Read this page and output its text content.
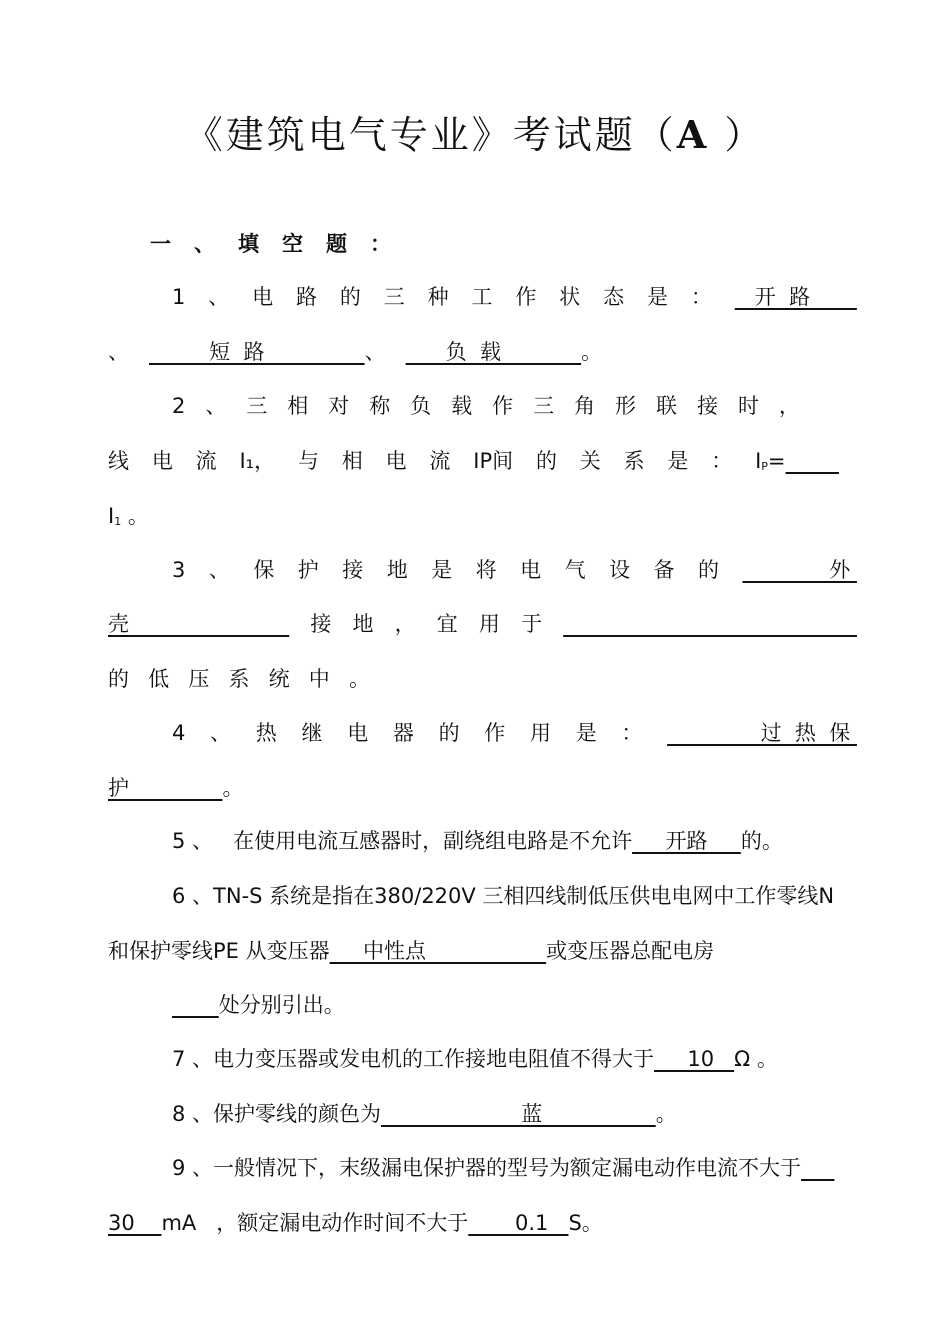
《建筑电气专业》考试题（A ）
一、填空题：
1 、 电 路 的 三 种 工 作 状 态 是 ： 开  路
、            短  路               、         负  载            。
2 、 三 相 对 称 负 载 作 三 角 形 联 接 时 ，
线 电 流 I₁， 与 相 电 流 IP间 的 关 系 是 ： $I_P=$
$I_1$ 。
3 、 保 护 接 地 是 将 电 气 设 备 的 外
壳 接 地 ， 宜 用 于

的 低 压 系 统 中 。
4 、 热 继 电 器 的 作 用 是 ： 过  热  保
护              。
5 、 在使用电流互感器时，副绕组电路是不允许     开路     的。
6 、TN-S 系统是指在380/220V 三相四线制低压供电电网中工作零线N
和保护零线PE 从变压器     中性点                  或变压器总配电房
处分别引出。
7 、电力变压器或发电机的工作接地电阻值不得大于     10   Ω 。
8 、保护零线的颜色为                     蓝                 。
9 、一般情况下，末级漏电保护器的型号为额定漏电动作电流不大于
30    mA   ，额定漏电动作时间不大于       0.1   S。
